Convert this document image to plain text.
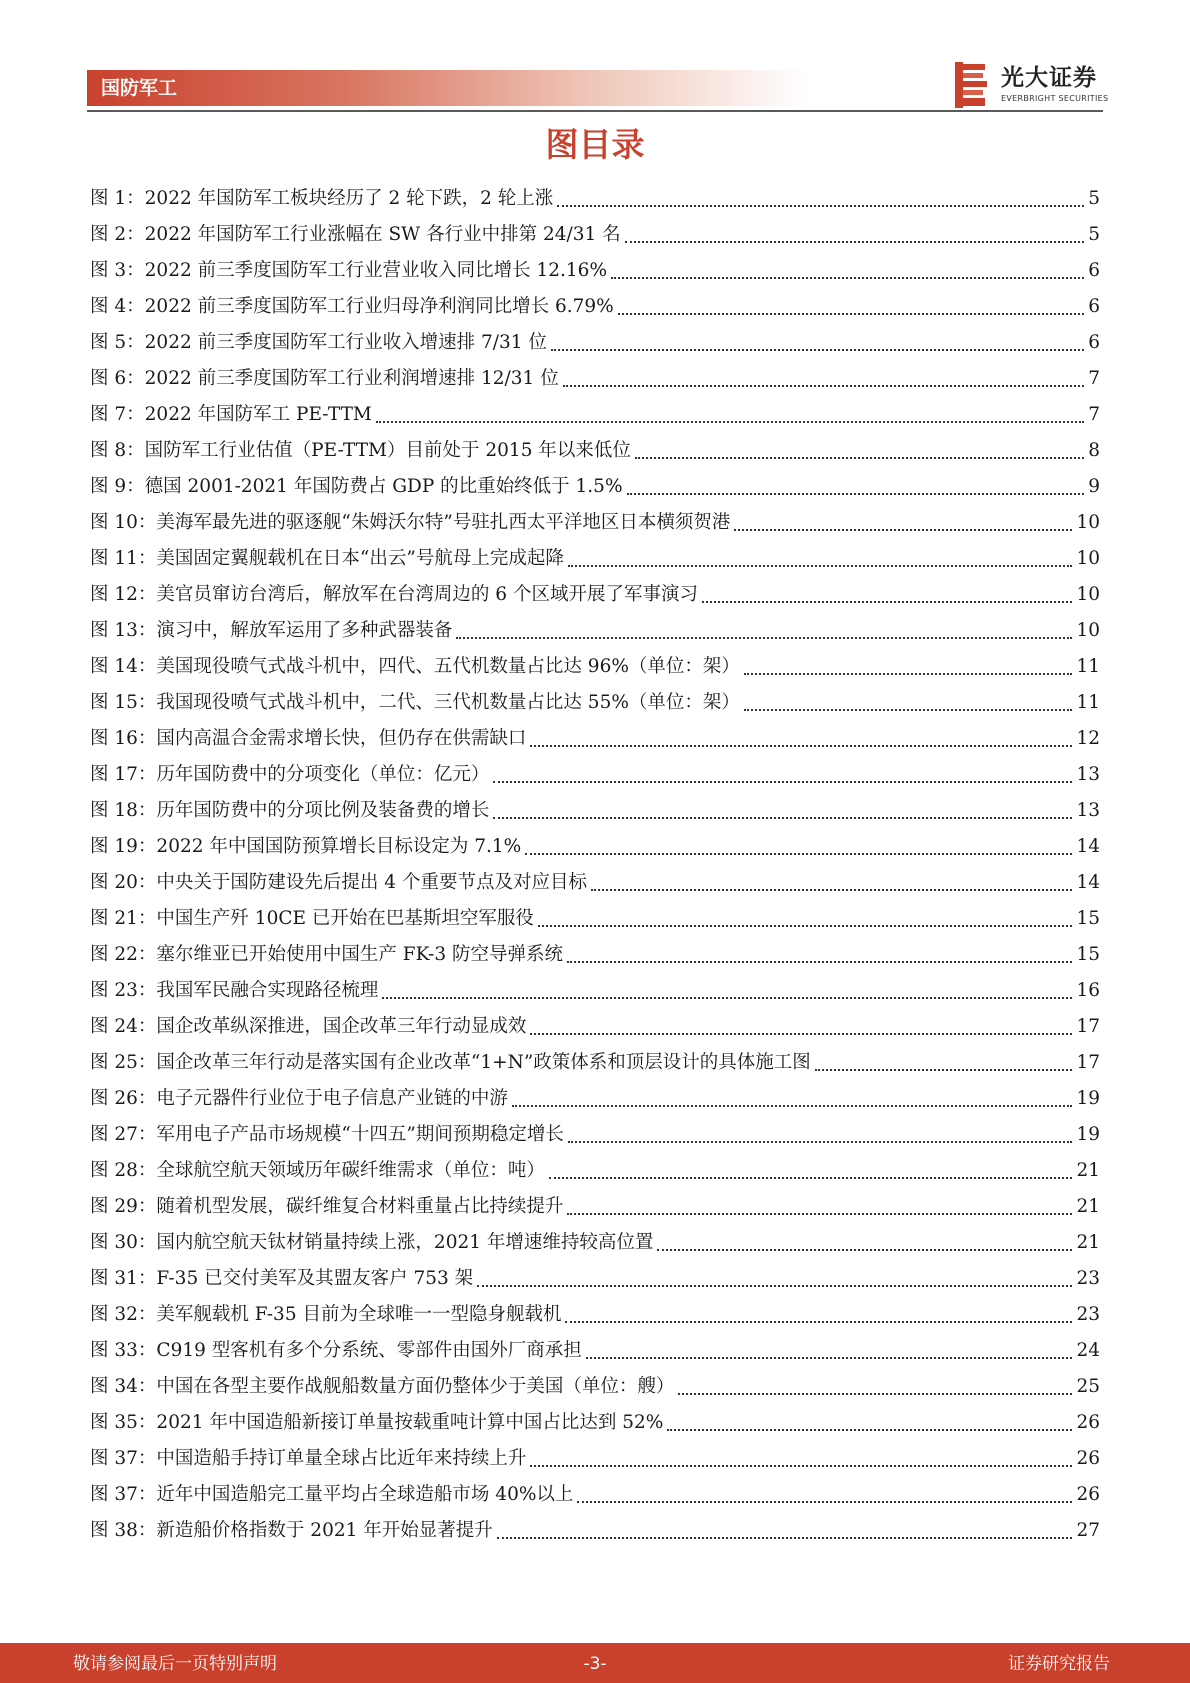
国防军工	光大证券
EVERBRIGHT SECURITIES
图目录
图 1：2022 年国防军工板块经历了 2 轮下跌，2 轮上涨	5
图 2：2022 年国防军工行业涨幅在 SW 各行业中排第 24/31 名	5
图 3：2022 前三季度国防军工行业营业收入同比增长 12.16%	6
图 4：2022 前三季度国防军工行业归母净利润同比增长 6.79%	6
图 5：2022 前三季度国防军工行业收入增速排 7/31 位	6
图 6：2022 前三季度国防军工行业利润增速排 12/31 位	7
图 7：2022 年国防军工 PE-TTM	7
图 8：国防军工行业估值（PE-TTM）目前处于 2015 年以来低位	8
图 9：德国 2001-2021 年国防费占 GDP 的比重始终低于 1.5%	9
图 10：美海军最先进的驱逐舰“朱姆沃尔特”号驻扎西太平洋地区日本横须贺港	10
图 11：美国固定翼舰载机在日本“出云”号航母上完成起降	10
图 12：美官员窜访台湾后，解放军在台湾周边的 6 个区域开展了军事演习	10
图 13：演习中，解放军运用了多种武器装备	10
图 14：美国现役喷气式战斗机中，四代、五代机数量占比达 96%（单位：架）	11
图 15：我国现役喷气式战斗机中，二代、三代机数量占比达 55%（单位：架）	11
图 16：国内高温合金需求增长快，但仍存在供需缺口	12
图 17：历年国防费中的分项变化（单位：亿元）	13
图 18：历年国防费中的分项比例及装备费的增长	13
图 19：2022 年中国国防预算增长目标设定为 7.1%	14
图 20：中央关于国防建设先后提出 4 个重要节点及对应目标	14
图 21：中国生产歼 10CE 已开始在巴基斯坦空军服役	15
图 22：塞尔维亚已开始使用中国生产 FK-3 防空导弹系统	15
图 23：我国军民融合实现路径梳理	16
图 24：国企改革纵深推进，国企改革三年行动显成效	17
图 25：国企改革三年行动是落实国有企业改革“1+N”政策体系和顶层设计的具体施工图	17
图 26：电子元器件行业位于电子信息产业链的中游	19
图 27：军用电子产品市场规模“十四五”期间预期稳定增长	19
图 28：全球航空航天领域历年碳纤维需求（单位：吨）	21
图 29：随着机型发展，碳纤维复合材料重量占比持续提升	21
图 30：国内航空航天钛材销量持续上涨，2021 年增速维持较高位置	21
图 31：F-35 已交付美军及其盟友客户 753 架	23
图 32：美军舰载机 F-35 目前为全球唯一一型隐身舰载机	23
图 33：C919 型客机有多个分系统、零部件由国外厂商承担	24
图 34：中国在各型主要作战舰船数量方面仍整体少于美国（单位：艘）	25
图 35：2021 年中国造船新接订单量按载重吨计算中国占比达到 52%	26
图 37：中国造船手持订单量全球占比近年来持续上升	26
图 37：近年中国造船完工量平均占全球造船市场 40%以上	26
图 38：新造船价格指数于 2021 年开始显著提升	27
敬请参阅最后一页特别声明	-3-	证券研究报告
